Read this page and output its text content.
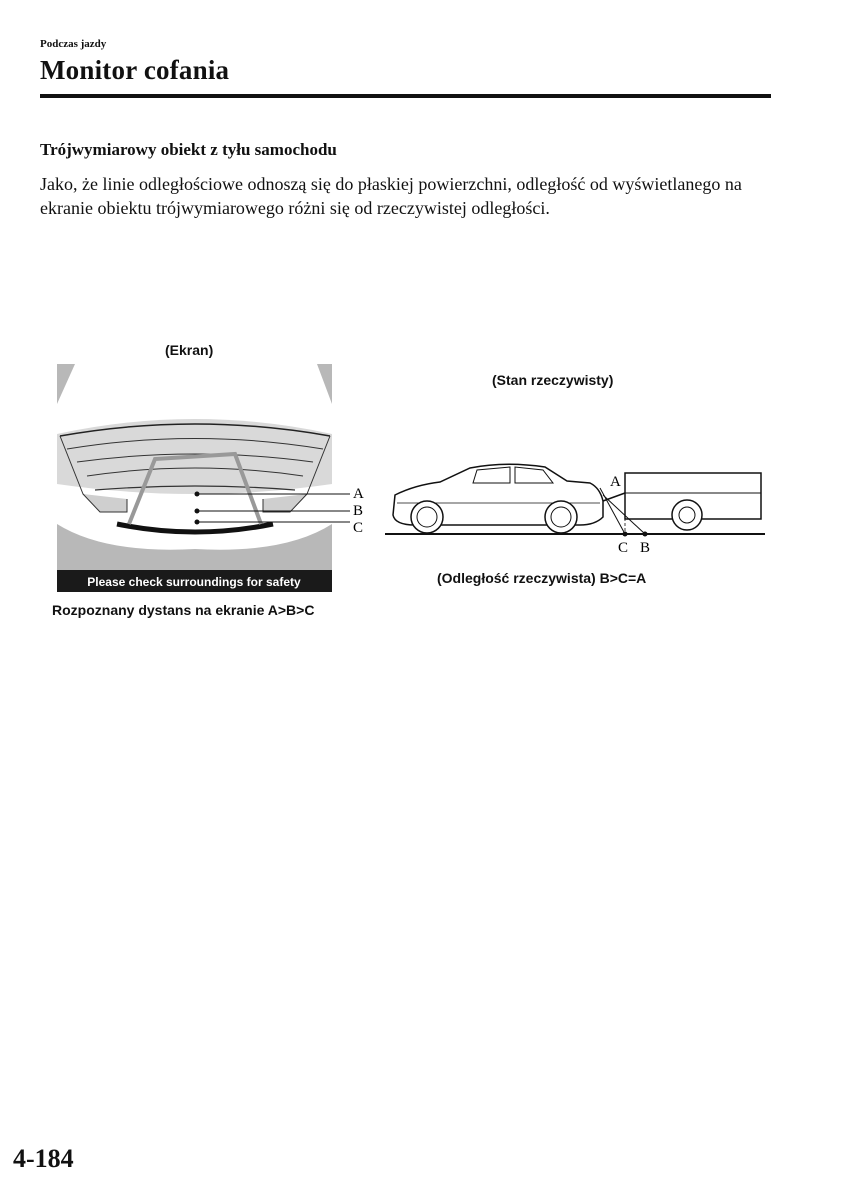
Podczas jazdy
Monitor cofania
Trójwymiarowy obiekt z tyłu samochodu
Jako, że linie odległościowe odnoszą się do płaskiej powierzchni, odległość od wyświetlanego na ekranie obiektu trójwymiarowego różni się od rzeczywistej odległości.
(Ekran)
(Stan rzeczywisty)
A
B
C
Please check surroundings for safety
A
C B
(Odległość rzeczywista) B>C=A
Rozpoznany dystans na ekranie A>B>C
4-184
